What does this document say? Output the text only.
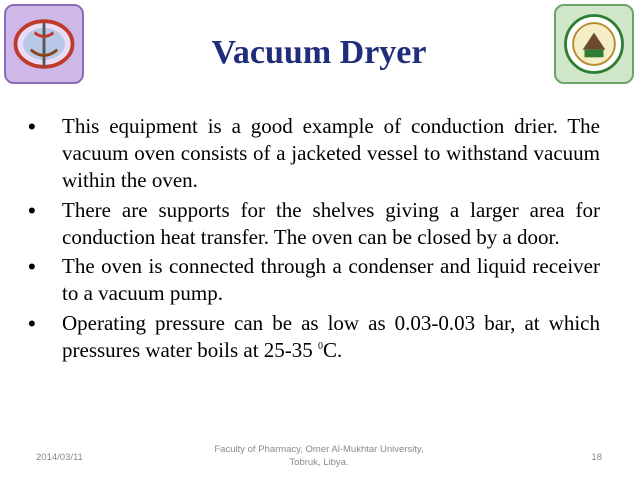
Vacuum Dryer
• This equipment is a good example of conduction drier. The vacuum oven consists of a jacketed vessel to withstand vacuum within the oven.
• There are supports for the shelves giving a larger area for conduction heat transfer. The oven can be closed by a door.
• The oven is connected through a condenser and liquid receiver to a vacuum pump.
• Operating pressure can be as low as 0.03-0.03 bar, at which pressures water boils at 25-35 $^0$C.
2014/03/11
Faculty of Pharmacy, Omer Al-Mukhtar University,
Tobruk, Libya.	18
